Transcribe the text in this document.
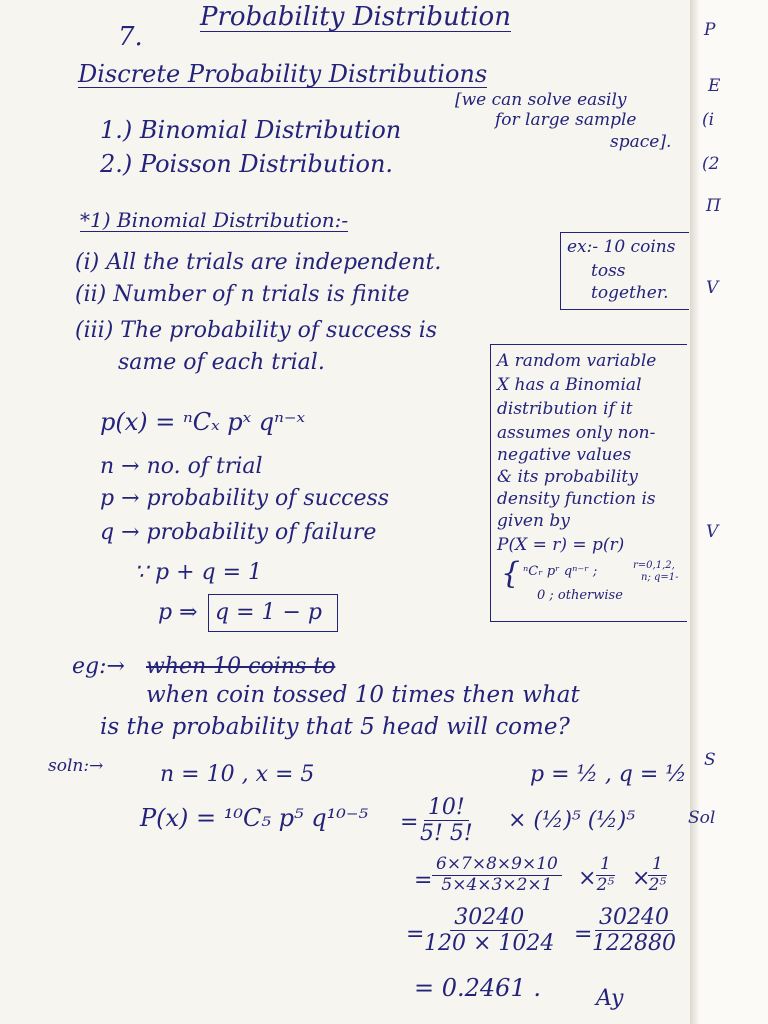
7.
Probability Distribution
Discrete Probability Distributions
1.) Binomial Distribution
2.) Poisson Distribution.
[we can solve easily
for large sample
space].
*1) Binomial Distribution:-
(i) All the trials are independent.
(ii) Number of n trials is finite
(iii) The probability of success is
same of each trial.
ex:- 10 coins
toss
together.
p(x) = ⁿCₓ pˣ qⁿ⁻ˣ
n → no. of trial
p → probability of success
q → probability of failure
∵ p + q = 1
p ⇒ q = 1 − p
A random variable
X has a Binomial
distribution if it
assumes only non-
negative values
& its probability
density function is
given by
P(X = r) = p(r)
{ ⁿCᵣ pʳ qⁿ⁻ʳ ;	r=0,1,2,
n; q=1-
0 ; otherwise
eg:→ when 10 coins to
when coin tossed 10 times then what
is the probability that 5 head will come?
soln:→	n = 10 , x = 5	p = ½ , q = ½
P(x) = ¹⁰C₅ p⁵ $q^{10-5} = \frac{10!}{5! 5!}$ × (½)⁵ (½)⁵
= $\frac{6\times 7\times 8\times 9\times 10}{5\times 4\times 3\times 2\times 1} \times \frac{1}{\text{2⁵}}$ ×
$\frac{1}{\text{2⁵}}$
= $\frac{30240}{120 \times 1024} = \frac{30240}{122880}$
= 0.2461 .	Ay
P
E
(i
(2
Π
V
V
S
Sol
